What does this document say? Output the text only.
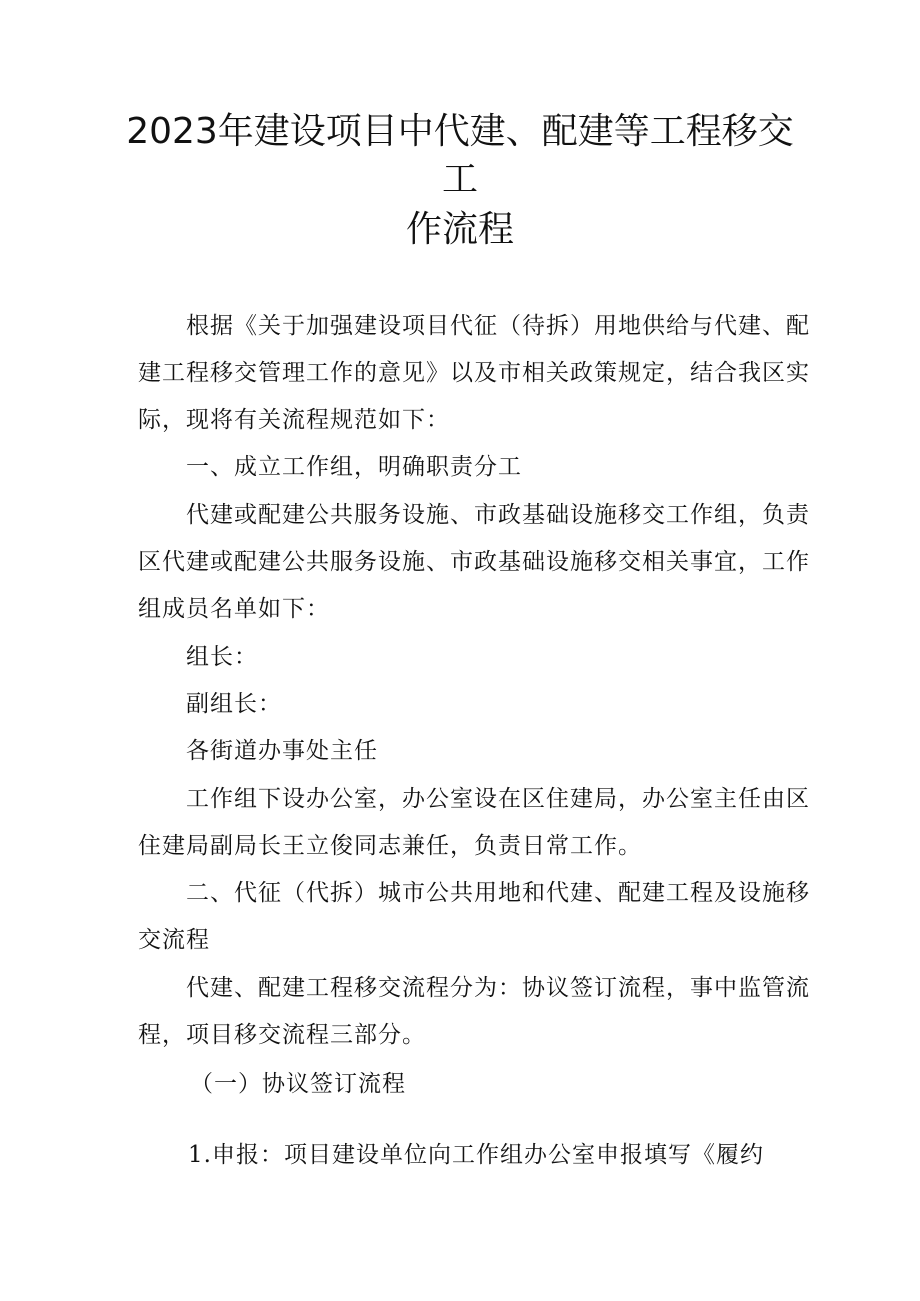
2023年建设项目中代建、配建等工程移交
工
作流程
根据《关于加强建设项目代征（待拆）用地供给与代建、配
建工程移交管理工作的意见》以及市相关政策规定，结合我区实
际，现将有关流程规范如下：
一、成立工作组，明确职责分工
代建或配建公共服务设施、市政基础设施移交工作组，负责
区代建或配建公共服务设施、市政基础设施移交相关事宜，工作
组成员名单如下：
组长：
副组长：
各街道办事处主任
工作组下设办公室，办公室设在区住建局，办公室主任由区
住建局副局长王立俊同志兼任，负责日常工作。
二、代征（代拆）城市公共用地和代建、配建工程及设施移
交流程
代建、配建工程移交流程分为：协议签订流程，事中监管流
程，项目移交流程三部分。
（一）协议签订流程
1.申报：项目建设单位向工作组办公室申报填写《履约
